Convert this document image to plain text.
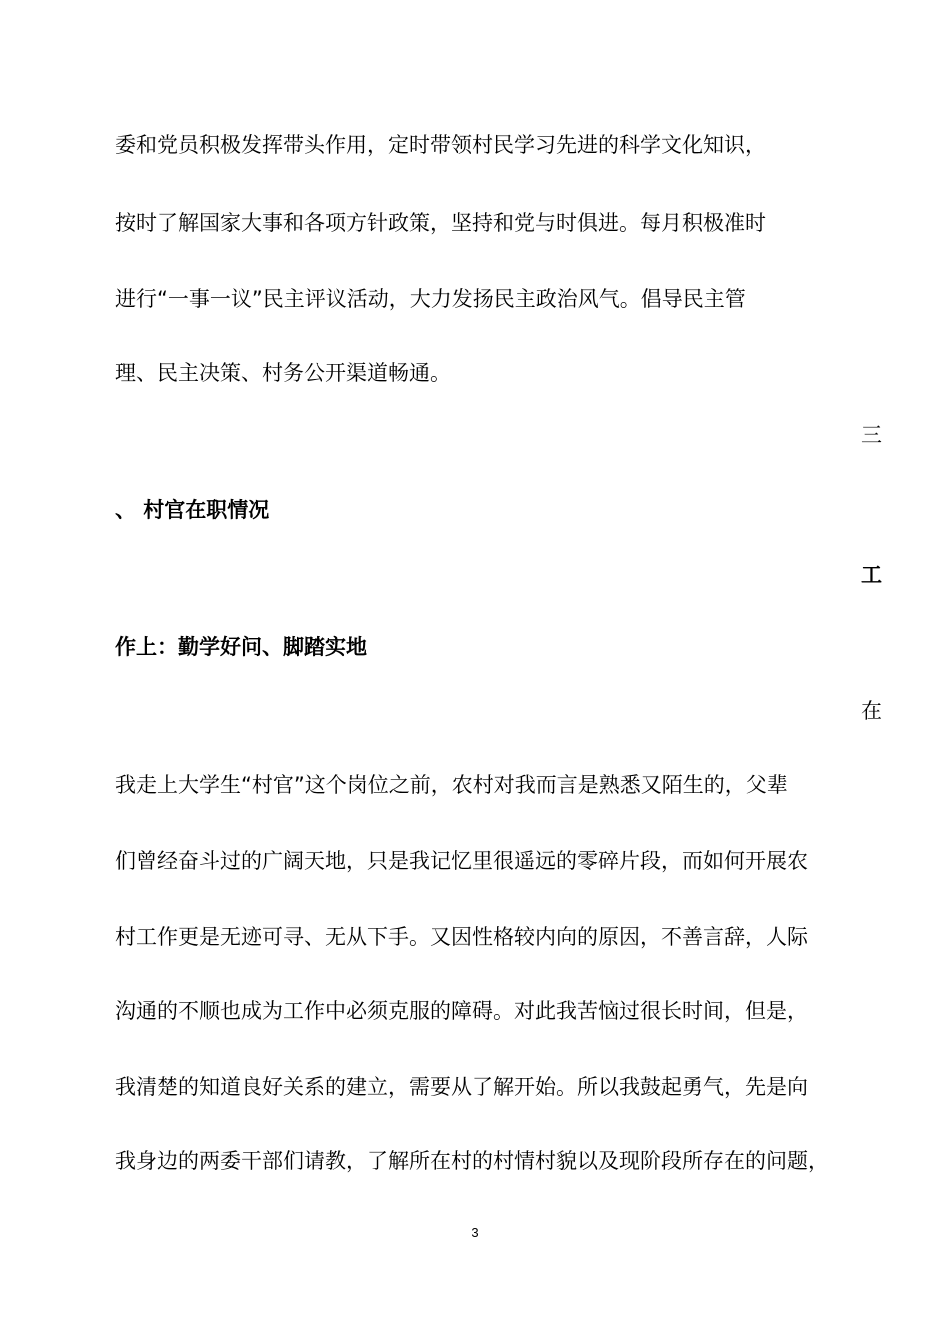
委和党员积极发挥带头作用，定时带领村民学习先进的科学文化知识，
按时了解国家大事和各项方针政策，坚持和党与时俱进。每月积极准时
进行“一事一议”民主评议活动，大力发扬民主政治风气。倡导民主管
理、民主决策、村务公开渠道畅通。
三
、 村官在职情况
工
作上：勤学好问、脚踏实地
在
我走上大学生“村官”这个岗位之前，农村对我而言是熟悉又陌生的，父辈
们曾经奋斗过的广阔天地，只是我记忆里很遥远的零碎片段，而如何开展农
村工作更是无迹可寻、无从下手。又因性格较内向的原因，不善言辞，人际
沟通的不顺也成为工作中必须克服的障碍。对此我苦恼过很长时间，但是，
我清楚的知道良好关系的建立，需要从了解开始。所以我鼓起勇气，先是向
我身边的两委干部们请教，了解所在村的村情村貌以及现阶段所存在的问题，
3
